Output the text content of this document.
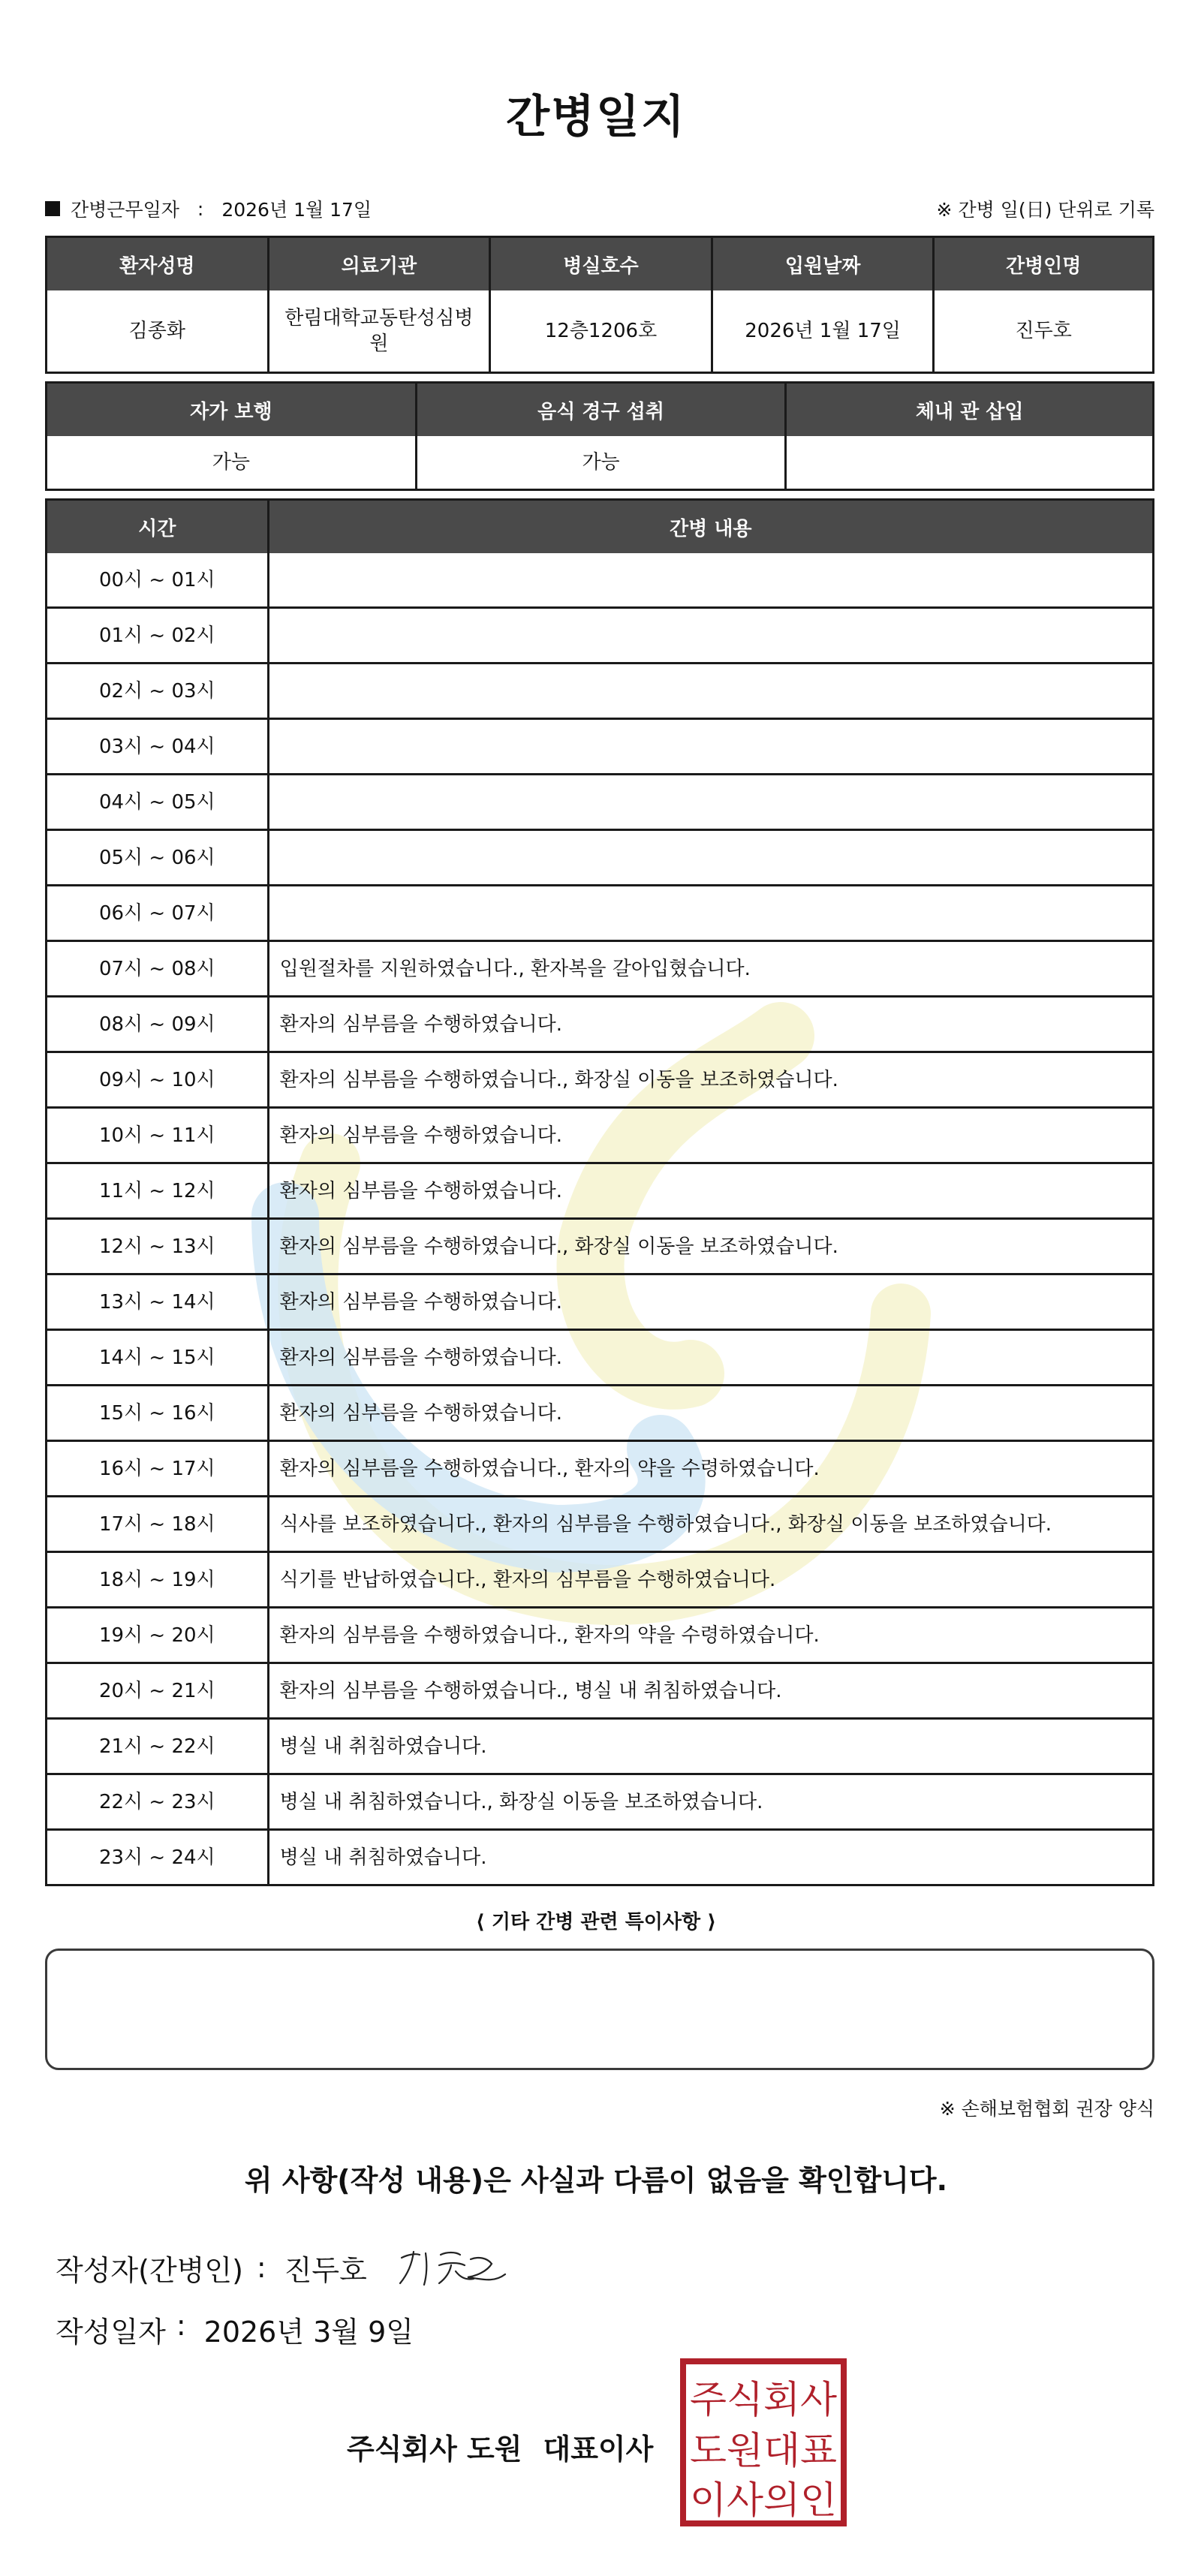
간병일지
간병근무일자 : 2026년 1월 17일	※ 간병 일(日) 단위로 기록
환자성명	의료기관	병실호수	입원날짜	간병인명
김종화	한림대학교동탄성심병원	12층1206호	2026년 1월 17일	진두호
자가 보행	음식 경구 섭취	체내 관 삽입
가능	가능	
시간	간병 내용
00시 ~ 01시	
01시 ~ 02시	
02시 ~ 03시	
03시 ~ 04시	
04시 ~ 05시	
05시 ~ 06시	
06시 ~ 07시	
07시 ~ 08시	입원절차를 지원하였습니다., 환자복을 갈아입혔습니다.
08시 ~ 09시	환자의 심부름을 수행하였습니다.
09시 ~ 10시	환자의 심부름을 수행하였습니다., 화장실 이동을 보조하였습니다.
10시 ~ 11시	환자의 심부름을 수행하였습니다.
11시 ~ 12시	환자의 심부름을 수행하였습니다.
12시 ~ 13시	환자의 심부름을 수행하였습니다., 화장실 이동을 보조하였습니다.
13시 ~ 14시	환자의 심부름을 수행하였습니다.
14시 ~ 15시	환자의 심부름을 수행하였습니다.
15시 ~ 16시	환자의 심부름을 수행하였습니다.
16시 ~ 17시	환자의 심부름을 수행하였습니다., 환자의 약을 수령하였습니다.
17시 ~ 18시	식사를 보조하였습니다., 환자의 심부름을 수행하였습니다., 화장실 이동을 보조하였습니다.
18시 ~ 19시	식기를 반납하였습니다., 환자의 심부름을 수행하였습니다.
19시 ~ 20시	환자의 심부름을 수행하였습니다., 환자의 약을 수령하였습니다.
20시 ~ 21시	환자의 심부름을 수행하였습니다., 병실 내 취침하였습니다.
21시 ~ 22시	병실 내 취침하였습니다.
22시 ~ 23시	병실 내 취침하였습니다., 화장실 이동을 보조하였습니다.
23시 ~ 24시	병실 내 취침하였습니다.
⟨ 기타 간병 관련 특이사항 ⟩
※ 손해보험협회 권장 양식
위 사항(작성 내용)은 사실과 다름이 없음을 확인합니다.
작성자(간병인) : 진두호
작성일자 : 2026년 3월 9일
주식회사 도원 대표이사
주식회사
도원대표
이사의인
